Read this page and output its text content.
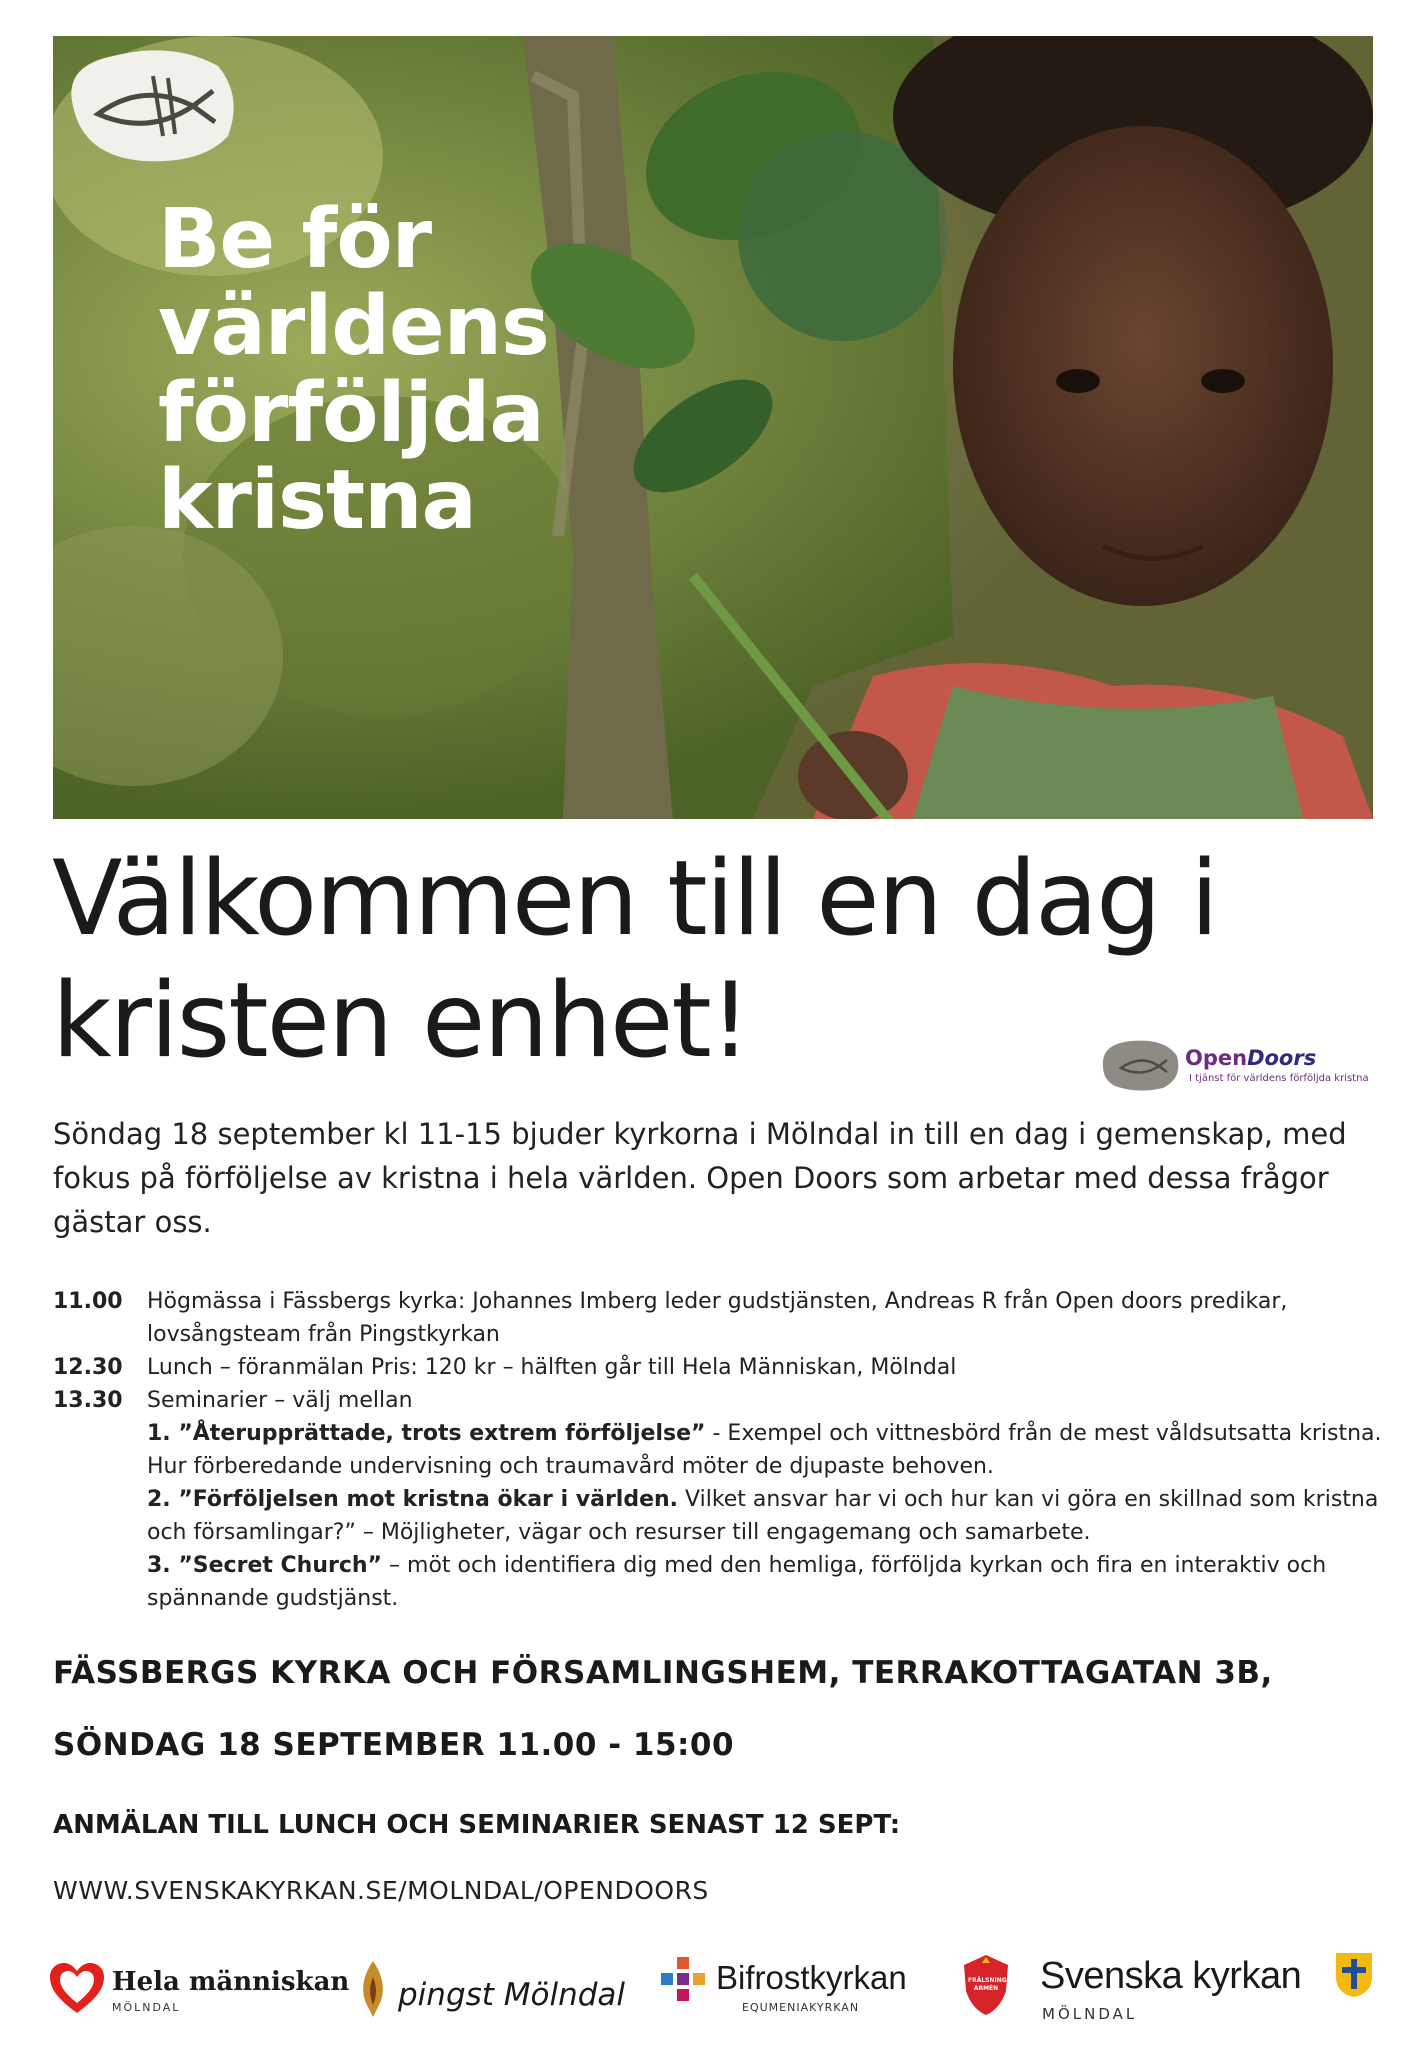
Be för
världens
förföljda
kristna
Välkommen till en dag i
kristen enhet!	OpenDoors
I tjänst för världens förföljda kristna

Söndag 18 september kl 11-15 bjuder kyrkorna i Mölndal in till en dag i gemenskap, med fokus på förföljelse av kristna i hela världen. Open Doors som arbetar med dessa frågor gästar oss.

11.00	Högmässa i Fässbergs kyrka: Johannes Imberg leder gudstjänsten, Andreas R från Open doors predikar, lovsångsteam från Pingstkyrkan
12.30	Lunch – föranmälan Pris: 120 kr – hälften går till Hela Människan, Mölndal
13.30	Seminarier – välj mellan
1. ”Återupprättade, trots extrem förföljelse” - Exempel och vittnesbörd från de mest våldsutsatta kristna. Hur förberedande undervisning och traumavård möter de djupaste behoven.
2. ”Förföljelsen mot kristna ökar i världen. Vilket ansvar har vi och hur kan vi göra en skillnad som kristna och församlingar?” – Möjligheter, vägar och resurser till engagemang och samarbete.
3. ”Secret Church” – möt och identifiera dig med den hemliga, förföljda kyrkan och fira en interaktiv och spännande gudstjänst.

FÄSSBERGS KYRKA OCH FÖRSAMLINGSHEM, TERRAKOTTAGATAN 3B,

SÖNDAG 18 SEPTEMBER 11.00 - 15:00

ANMÄLAN TILL LUNCH OCH SEMINARIER SENAST 12 SEPT:

WWW.SVENSKAKYRKAN.SE/MOLNDAL/OPENDOORS

Hela människan
MÖLNDAL	pingst Mölndal	Bifrostkyrkan
EQUMENIAKYRKAN
FRÄLSNINGS ARMÉN Svenska kyrkan
MÖLNDAL
